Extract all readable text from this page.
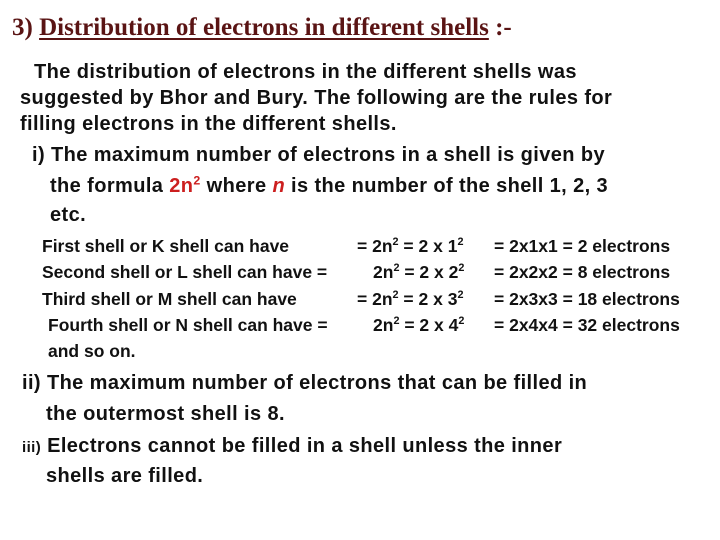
3) Distribution of electrons in different shells :-
The distribution of electrons in the different shells was
suggested by Bhor and Bury. The following are the rules for
filling electrons in the different shells.
i) The maximum number of electrons in a shell is given by
the formula $2n^2$ where n is the number of the shell 1, 2, 3
etc.
First shell or K shell can have	= $2n^2 = 2$ x $1^2 = 2x1x1 = 2$ electrons
Second shell or L shell can have =	$2n^2 = 2$ x $2^2 = 2x2x2 = 8$ electrons
Third shell or M shell can have	= $2n^2 = 2$ x $3^2 = 2x3x3 = 18$ electrons
Fourth shell or N shell can have =	$2n^2 = 2$ x $4^2 = 2x4x4 = 32$ electrons
and so on.
ii) The maximum number of electrons that can be filled in
the outermost shell is 8.
iii) Electrons cannot be filled in a shell unless the inner
shells are filled.
